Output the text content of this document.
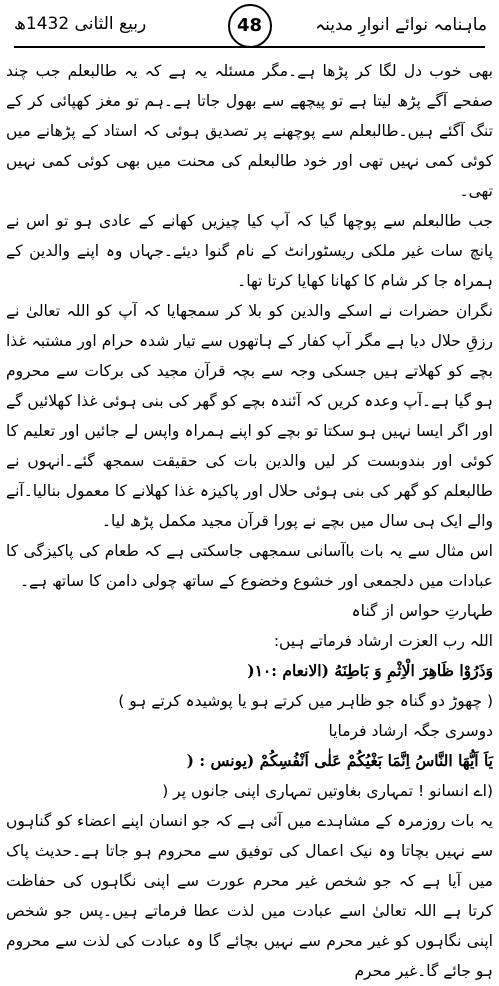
ماہنامہ نوائے انوارِ مدینہ
48
ربیع الثانی 1432ھ

بھی خوب دل لگا کر پڑھا ہے۔مگر مسئلہ یہ ہے کہ یہ طالبعلم جب چند صفحے آگے پڑھ لیتا ہے تو پیچھے سے بھول جاتا ہے۔ہم تو مغز کھپائی کر کے تنگ آگئے ہیں۔طالبعلم سے پوچھنے پر تصدیق ہوئی کہ استاد کے پڑھانے میں کوئی کمی نہیں تھی اور خود طالبعلم کی محنت میں بھی کوئی کمی نہیں تھی۔

جب طالبعلم سے پوچھا گیا کہ آپ کیا چیزیں کھانے کے عادی ہو تو اس نے پانچ سات غیر ملکی ریسٹورانٹ کے نام گنوا دیئے۔جہاں وہ اپنے والدین کے ہمراہ جا کر شام کا کھانا کھایا کرتا تھا۔

نگران حضرات نے اسکے والدین کو بلا کر سمجھایا کہ آپ کو اللہ تعالیٰ نے رزقِ حلال دیا ہے مگر آپ کفار کے ہاتھوں سے تیار شدہ حرام اور مشتبہ غذا بچے کو کھلاتے ہیں جسکی وجہ سے بچہ قرآن مجید کی برکات سے محروم ہو گیا ہے۔آپ وعدہ کریں کہ آئندہ بچے کو گھر کی بنی ہوئی غذا کھلائیں گے اور اگر ایسا نہیں ہو سکتا تو بچے کو اپنے ہمراہ واپس لے جائیں اور تعلیم کا کوئی اور بندوبست کر لیں والدین بات کی حقیقت سمجھ گئے۔انہوں نے طالبعلم کو گھر کی بنی ہوئی حلال اور پاکیزہ غذا کھلانے کا معمول بنالیا۔آنے والے ایک ہی سال میں بچے نے پورا قرآن مجید مکمل پڑھ لیا۔

اس مثال سے یہ بات باآسانی سمجھی جاسکتی ہے کہ طعام کی پاکیزگی کا عبادات میں دلجمعی اور خشوع وخضوع کے ساتھ چولی دامن کا ساتھ ہے۔

طہارتِ حواس از گناہ
اللہ رب العزت ارشاد فرماتے ہیں:
وَذَرُوْا ظَاهِرَ الْاِثْمِ وَ بَاطِنَهُ (الانعام :۱۰(
( چھوڑ دو گناہ جو ظاہر میں کرتے ہو یا پوشیدہ کرتے ہو )
دوسری جگہ ارشاد فرمایا
يَاَ اَيُّهَا النَّاسُ اِنَّمَا بَغْيُكُمْ عَلٰى اَنْفُسِكُمْ (یونس : (
(اے انسانو ! تمہاری بغاوتیں تمہاری اپنی جانوں پر (

یہ بات روزمرہ کے مشاہدے میں آئی ہے کہ جو انسان اپنے اعضاء کو گناہوں سے نہیں بچاتا وہ نیک اعمال کی توفیق سے محروم ہو جاتا ہے۔حدیث پاک میں آیا ہے کہ جو شخص غیر محرم عورت سے اپنی نگاہوں کی حفاظت کرتا ہے اللہ تعالیٰ اسے عبادت میں لذت عطا فرماتے ہیں۔پس جو شخص اپنی نگاہوں کو غیر محرم سے نہیں بچائے گا وہ عبادت کی لذت سے محروم ہو جائے گا۔غیر محرم
